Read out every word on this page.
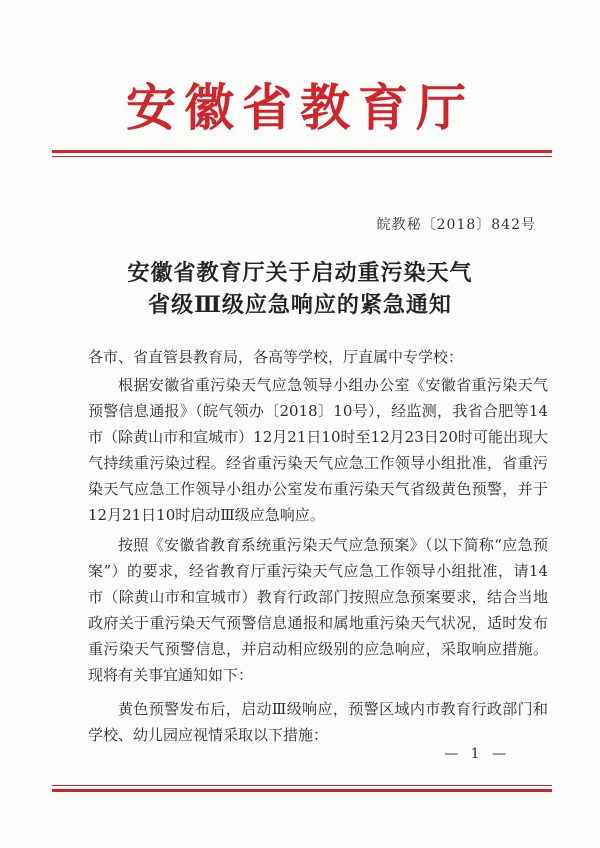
安徽省教育厅
皖教秘〔2018〕842号
安徽省教育厅关于启动重污染天气
省级Ⅲ级应急响应的紧急通知
各市、省直管县教育局，各高等学校，厅直属中专学校：

根据安徽省重污染天气应急领导小组办公室《安徽省重污染天气预警信息通报》（皖气领办〔2018〕10号），经监测，我省合肥等14市（除黄山市和宣城市）12月21日10时至12月23日20时可能出现大气持续重污染过程。经省重污染天气应急工作领导小组批准，省重污染天气应急工作领导小组办公室发布重污染天气省级黄色预警，并于12月21日10时启动Ⅲ级应急响应。

按照《安徽省教育系统重污染天气应急预案》（以下简称“应急预案”）的要求，经省教育厅重污染天气应急工作领导小组批准，请14市（除黄山市和宣城市）教育行政部门按照应急预案要求，结合当地政府关于重污染天气预警信息通报和属地重污染天气状况，适时发布重污染天气预警信息，并启动相应级别的应急响应，采取响应措施。现将有关事宜通知如下：

黄色预警发布后，启动Ⅲ级响应，预警区域内市教育行政部门和学校、幼儿园应视情采取以下措施：

— 1 —
